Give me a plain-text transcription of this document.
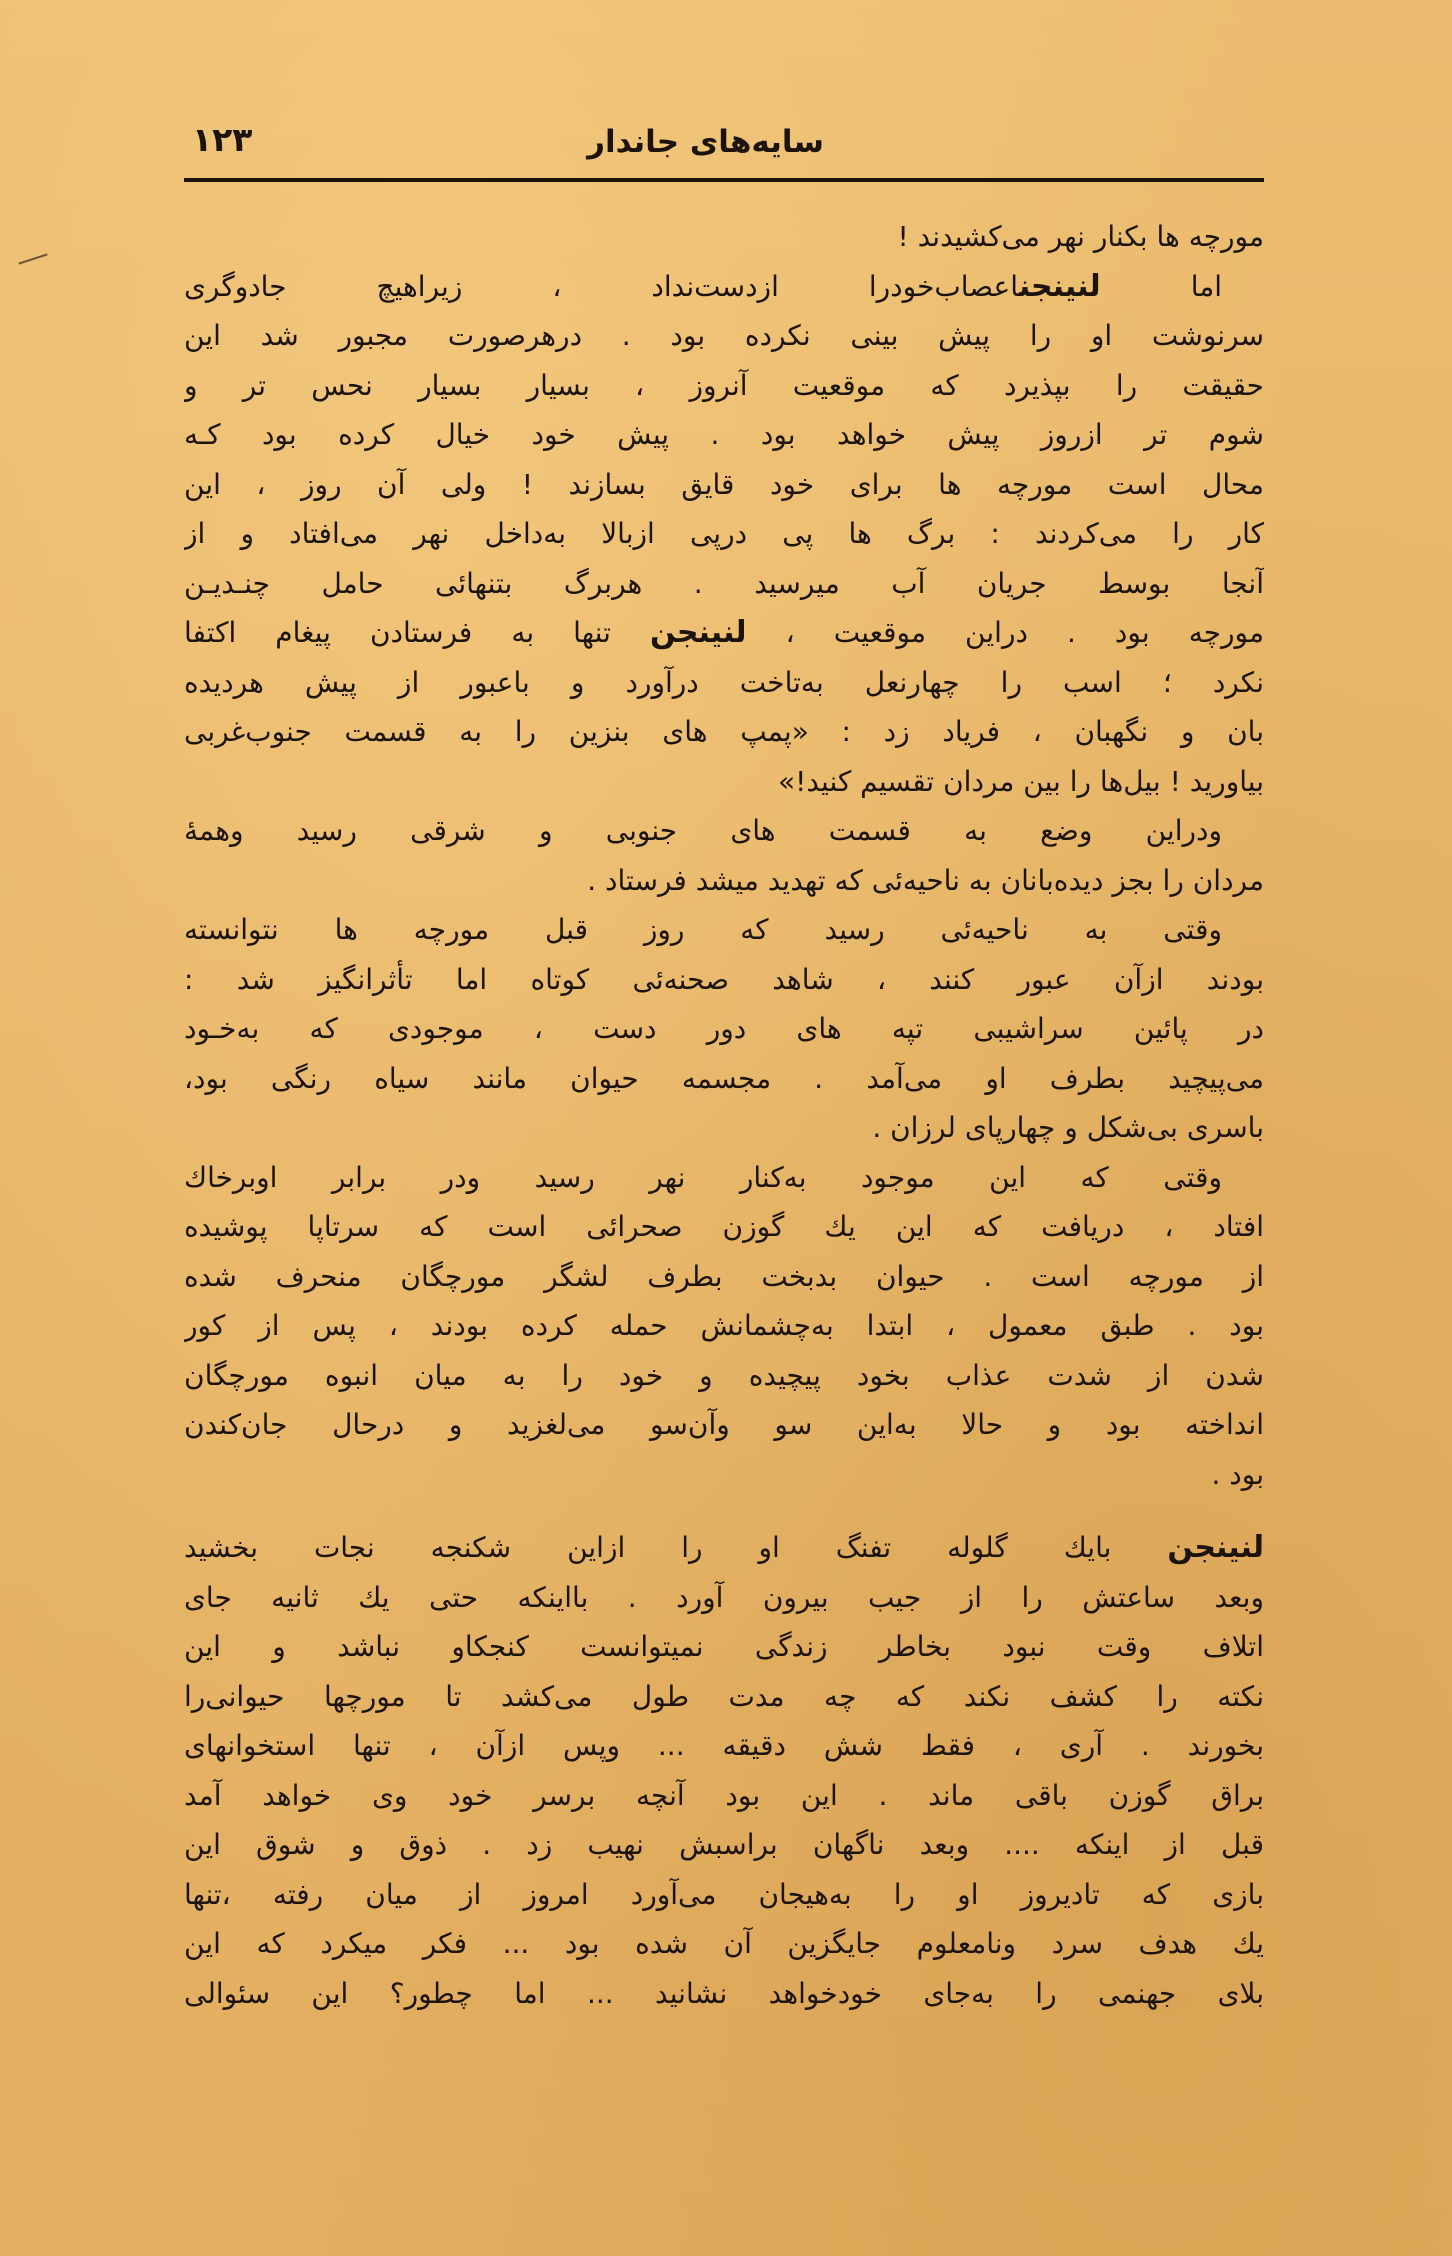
سایه‌های جاندار
۱۲۳
مورچه ها بکنار نهر می‌کشیدند !
اما لنینجناعصاب‌خودرا ازدست‌نداد ، زیراهیچ جادوگری
سرنوشت او را پیش بینی نکرده بود . درهرصورت مجبور شد این
حقیقت را بپذیرد که موقعیت آنروز ، بسیار بسیار نحس تر و
شوم تر ازروز پیش خواهد بود . پیش خود خیال کرده بود کـه
محال است مورچه ها برای خود قایق بسازند ! ولی آن روز ، این
کار را می‌کردند : برگ ها پی درپی ازبالا به‌داخل نهر می‌افتاد و از
آنجا بوسط جریان آب میرسید . هربرگ بتنهائی حامل چنـدیـن
مورچه بود . دراین موقعیت ، لنینجن تنها به فرستادن پیغام اکتفا
نکرد ؛ اسب را چهارنعل به‌تاخت درآورد و باعبور از پیش هردیده
بان و نگهبان ، فریاد زد : «پمپ های بنزین را به قسمت جنوب‌غربی
بیاورید ! بیل‌ها را بین مردان تقسیم کنید!»
ودراین وضع به قسمت های جنوبی و شرقی رسید وهمهٔ
مردان را بجز دیده‌بانان به ناحیه‌ئی که تهدید میشد فرستاد .
وقتی به ناحیه‌ئی رسید که روز قبل مورچه ها نتوانسته
بودند ازآن عبور کنند ، شاهد صحنه‌ئی کوتاه اما تأثرانگیز شد :
در پائین سراشیبی تپه های دور دست ، موجودی که به‌خـود
می‌پیچید بطرف او می‌آمد . مجسمه حیوان مانند سیاه رنگی بود،
باسری بی‌شکل و چهارپای لرزان .
وقتی که این موجود به‌کنار نهر رسید ودر برابر اوبرخاك
افتاد ، دریافت که این یك گوزن صحرائی است که سرتاپا پوشیده
از مورچه است . حیوان بدبخت بطرف لشگر مورچگان منحرف شده
بود . طبق معمول ، ابتدا به‌چشمانش حمله کرده بودند ، پس از کور
شدن از شدت عذاب بخود پیچیده و خود را به میان انبوه مورچگان
انداخته بود و حالا به‌این سو وآن‌سو می‌لغزید و درحال جان‌کندن
بود .
لنینجن بایك گلوله تفنگ او را ازاین شکنجه نجات بخشید
وبعد ساعتش را از جیب بیرون آورد . بااینکه حتی یك ثانیه جای
اتلاف وقت نبود بخاطر زندگی نمیتوانست کنجکاو نباشد و این
نکته را کشف نکند که چه مدت طول می‌کشد تا مورچها حیوانی‌را
بخورند . آری ، فقط شش دقیقه ... وپس ازآن ، تنها استخوانهای
براق گوزن باقی ماند . این بود آنچه برسر خود وی خواهد آمد
قبل از اینکه .... وبعد ناگهان براسبش نهیب زد . ذوق و شوق این
بازی که تادیروز او را به‌هیجان می‌آورد امروز از میان رفته ،تنها
یك هدف سرد ونامعلوم جایگزین آن شده بود ... فکر میکرد که این
بلای جهنمی را به‌جای خودخواهد نشانید ... اما چطور؟ این سئوالی
